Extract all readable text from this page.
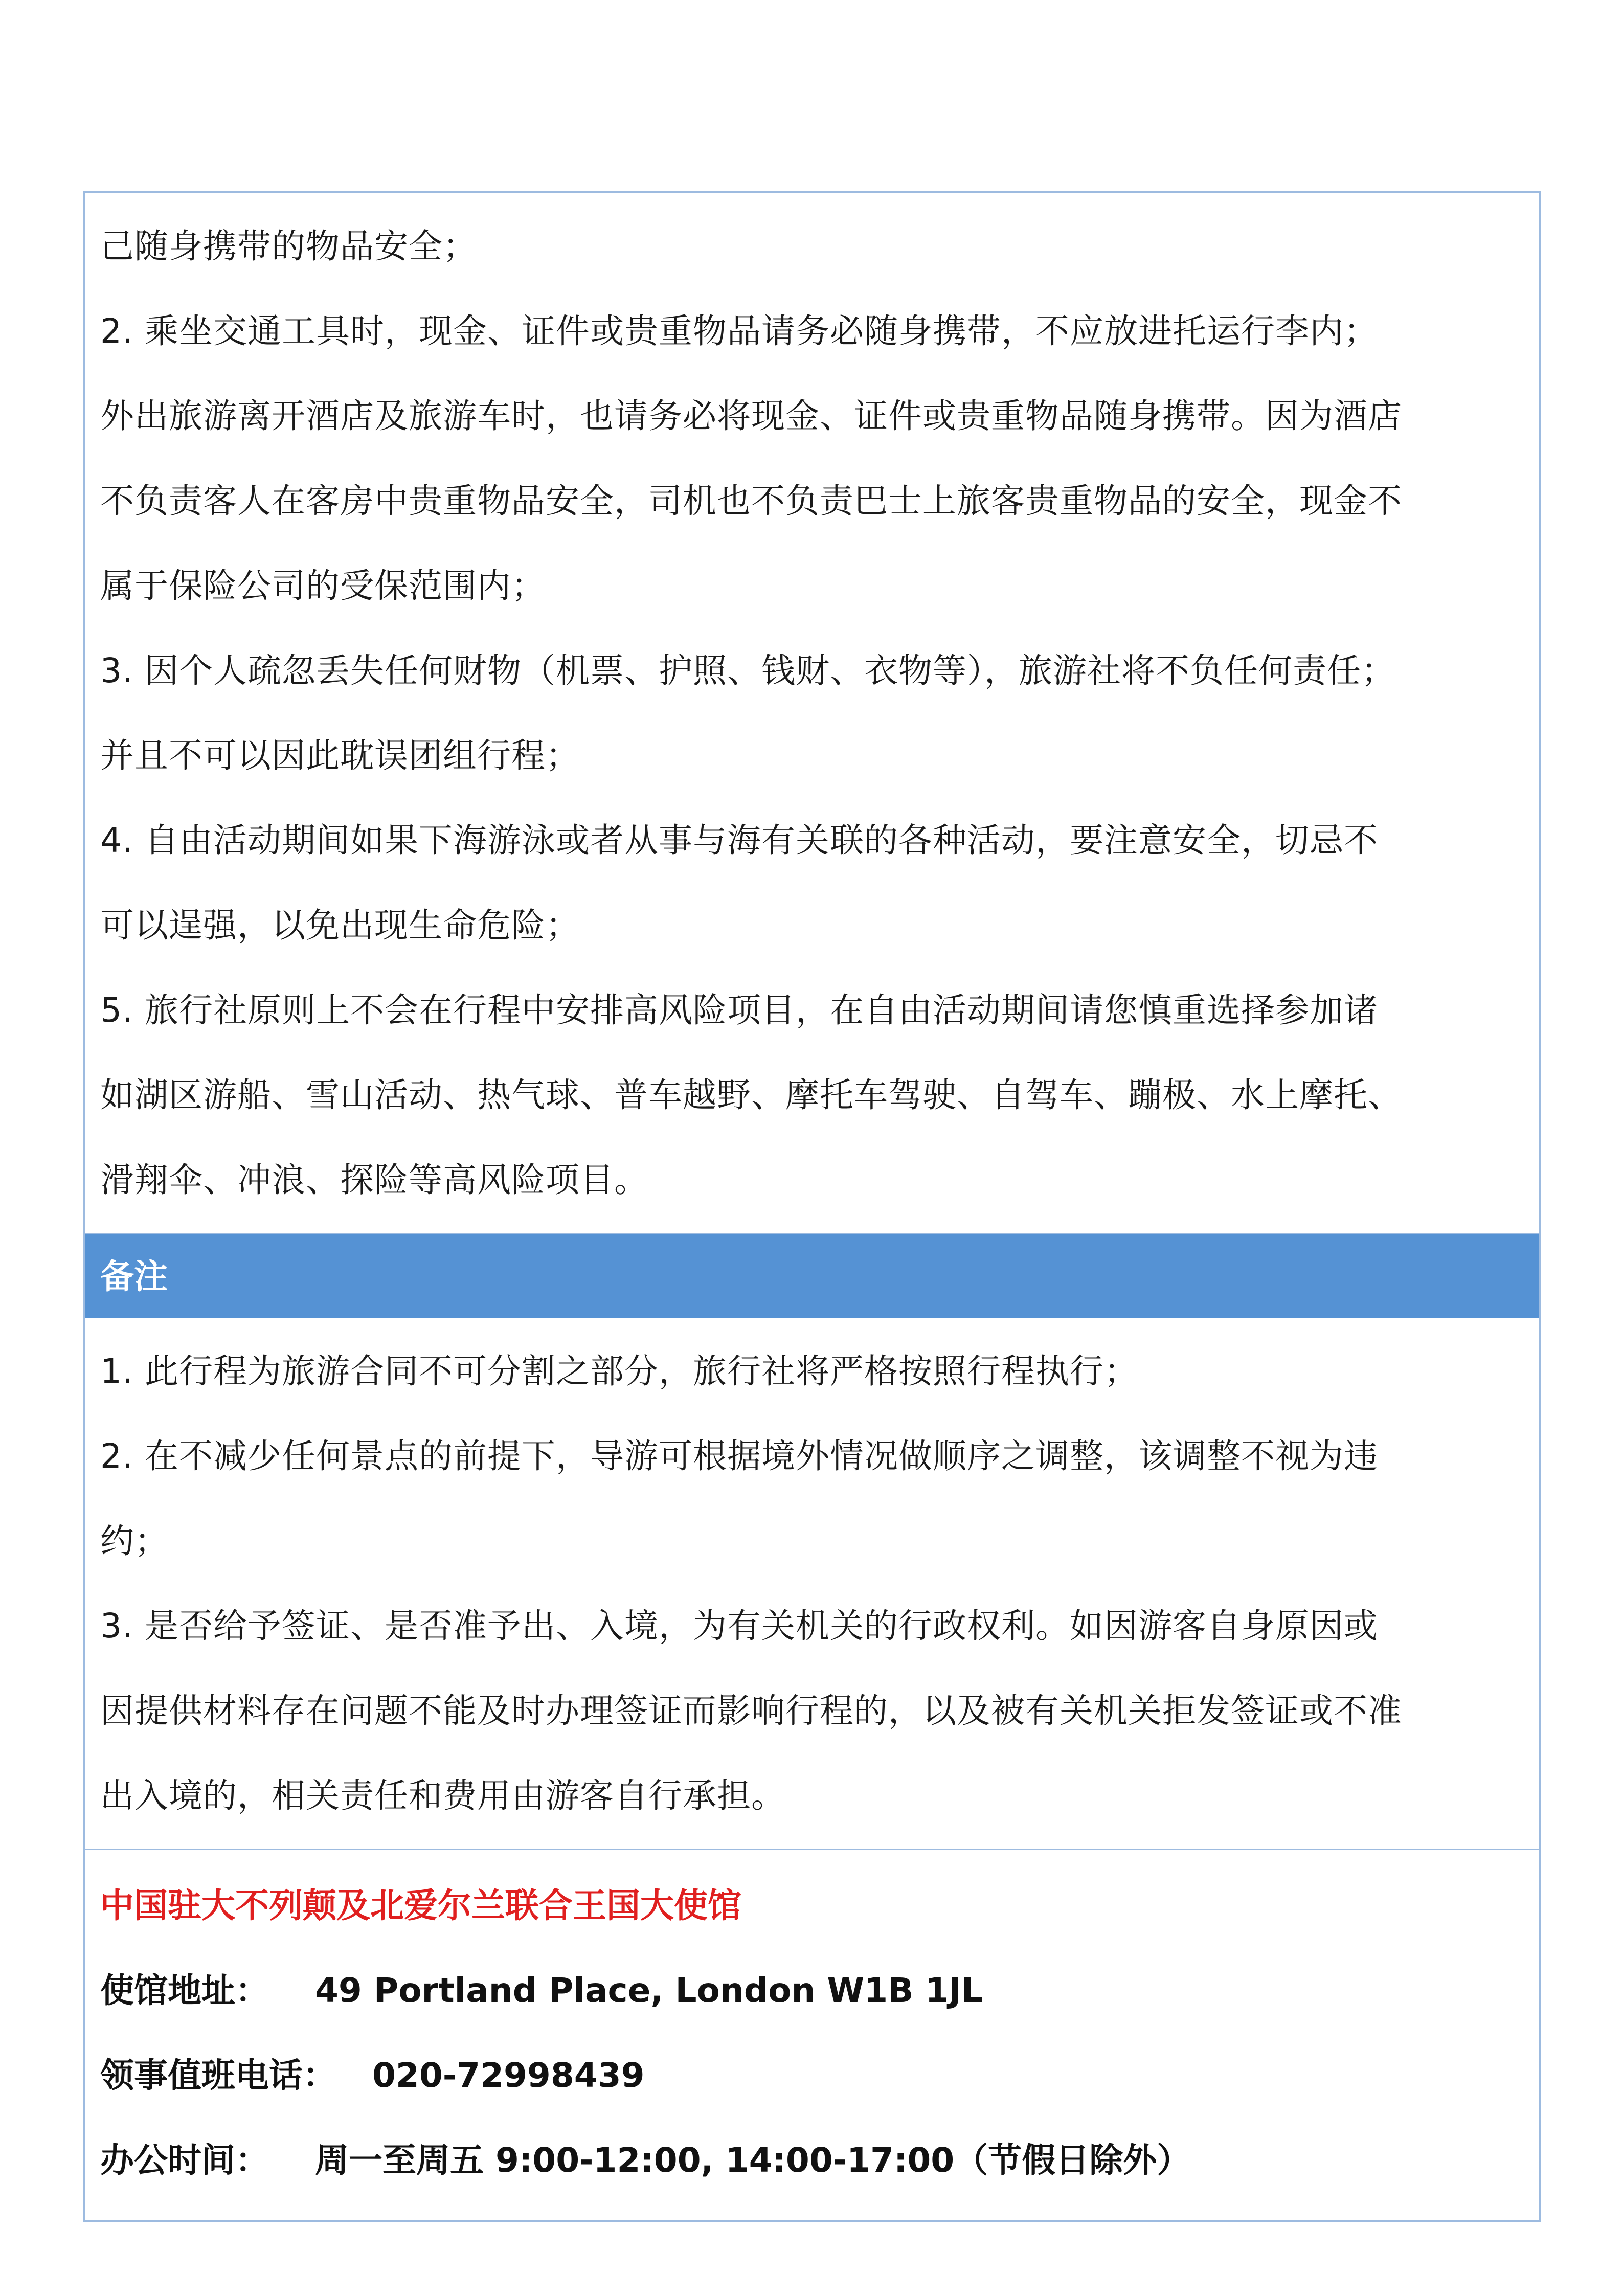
己随身携带的物品安全；

2. 乘坐交通工具时，现金、证件或贵重物品请务必随身携带，不应放进托运行李内；

外出旅游离开酒店及旅游车时，也请务必将现金、证件或贵重物品随身携带。因为酒店

不负责客人在客房中贵重物品安全，司机也不负责巴士上旅客贵重物品的安全，现金不

属于保险公司的受保范围内；

3. 因个人疏忽丢失任何财物（机票、护照、钱财、衣物等），旅游社将不负任何责任；

并且不可以因此耽误团组行程；

4. 自由活动期间如果下海游泳或者从事与海有关联的各种活动，要注意安全，切忌不

可以逞强，以免出现生命危险；

5. 旅行社原则上不会在行程中安排高风险项目，在自由活动期间请您慎重选择参加诸

如湖区游船、雪山活动、热气球、普车越野、摩托车驾驶、自驾车、蹦极、水上摩托、

滑翔伞、冲浪、探险等高风险项目。

备注

1. 此行程为旅游合同不可分割之部分，旅行社将严格按照行程执行；

2. 在不减少任何景点的前提下，导游可根据境外情况做顺序之调整，该调整不视为违

约；

3. 是否给予签证、是否准予出、入境，为有关机关的行政权利。如因游客自身原因或

因提供材料存在问题不能及时办理签证而影响行程的，以及被有关机关拒发签证或不准

出入境的，相关责任和费用由游客自行承担。

中国驻大不列颠及北爱尔兰联合王国大使馆

使馆地址： 49 Portland Place, London W1B 1JL

领事值班电话： 020-72998439

办公时间： 周一至周五 9:00-12:00, 14:00-17:00（节假日除外）
